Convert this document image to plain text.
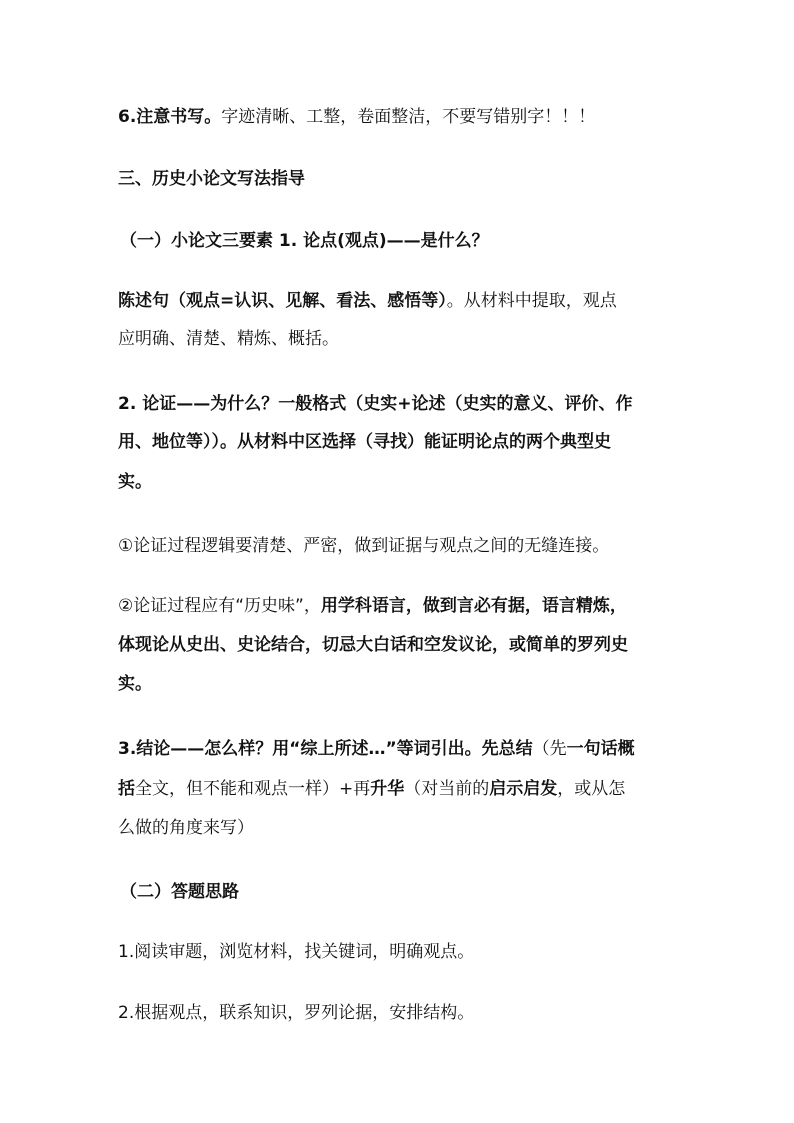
6.注意书写。字迹清晰、工整，卷面整洁，不要写错别字！！！
三、历史小论文写法指导
（一）小论文三要素 1. 论点(观点)——是什么？
陈述句（观点=认识、见解、看法、感悟等）。从材料中提取，观点
应明确、清楚、精炼、概括。
2. 论证——为什么？一般格式（史实+论述（史实的意义、评价、作
用、地位等））。从材料中区选择（寻找）能证明论点的两个典型史
实。
①论证过程逻辑要清楚、严密，做到证据与观点之间的无缝连接。
②论证过程应有“历史味”，用学科语言，做到言必有据，语言精炼，
体现论从史出、史论结合，切忌大白话和空发议论，或简单的罗列史
实。
3.结论——怎么样？用“综上所述…”等词引出。先总结（先一句话概
括全文，但不能和观点一样）+再升华（对当前的启示启发，或从怎
么做的角度来写）
（二）答题思路
1.阅读审题，浏览材料，找关键词，明确观点。
2.根据观点，联系知识，罗列论据，安排结构。
